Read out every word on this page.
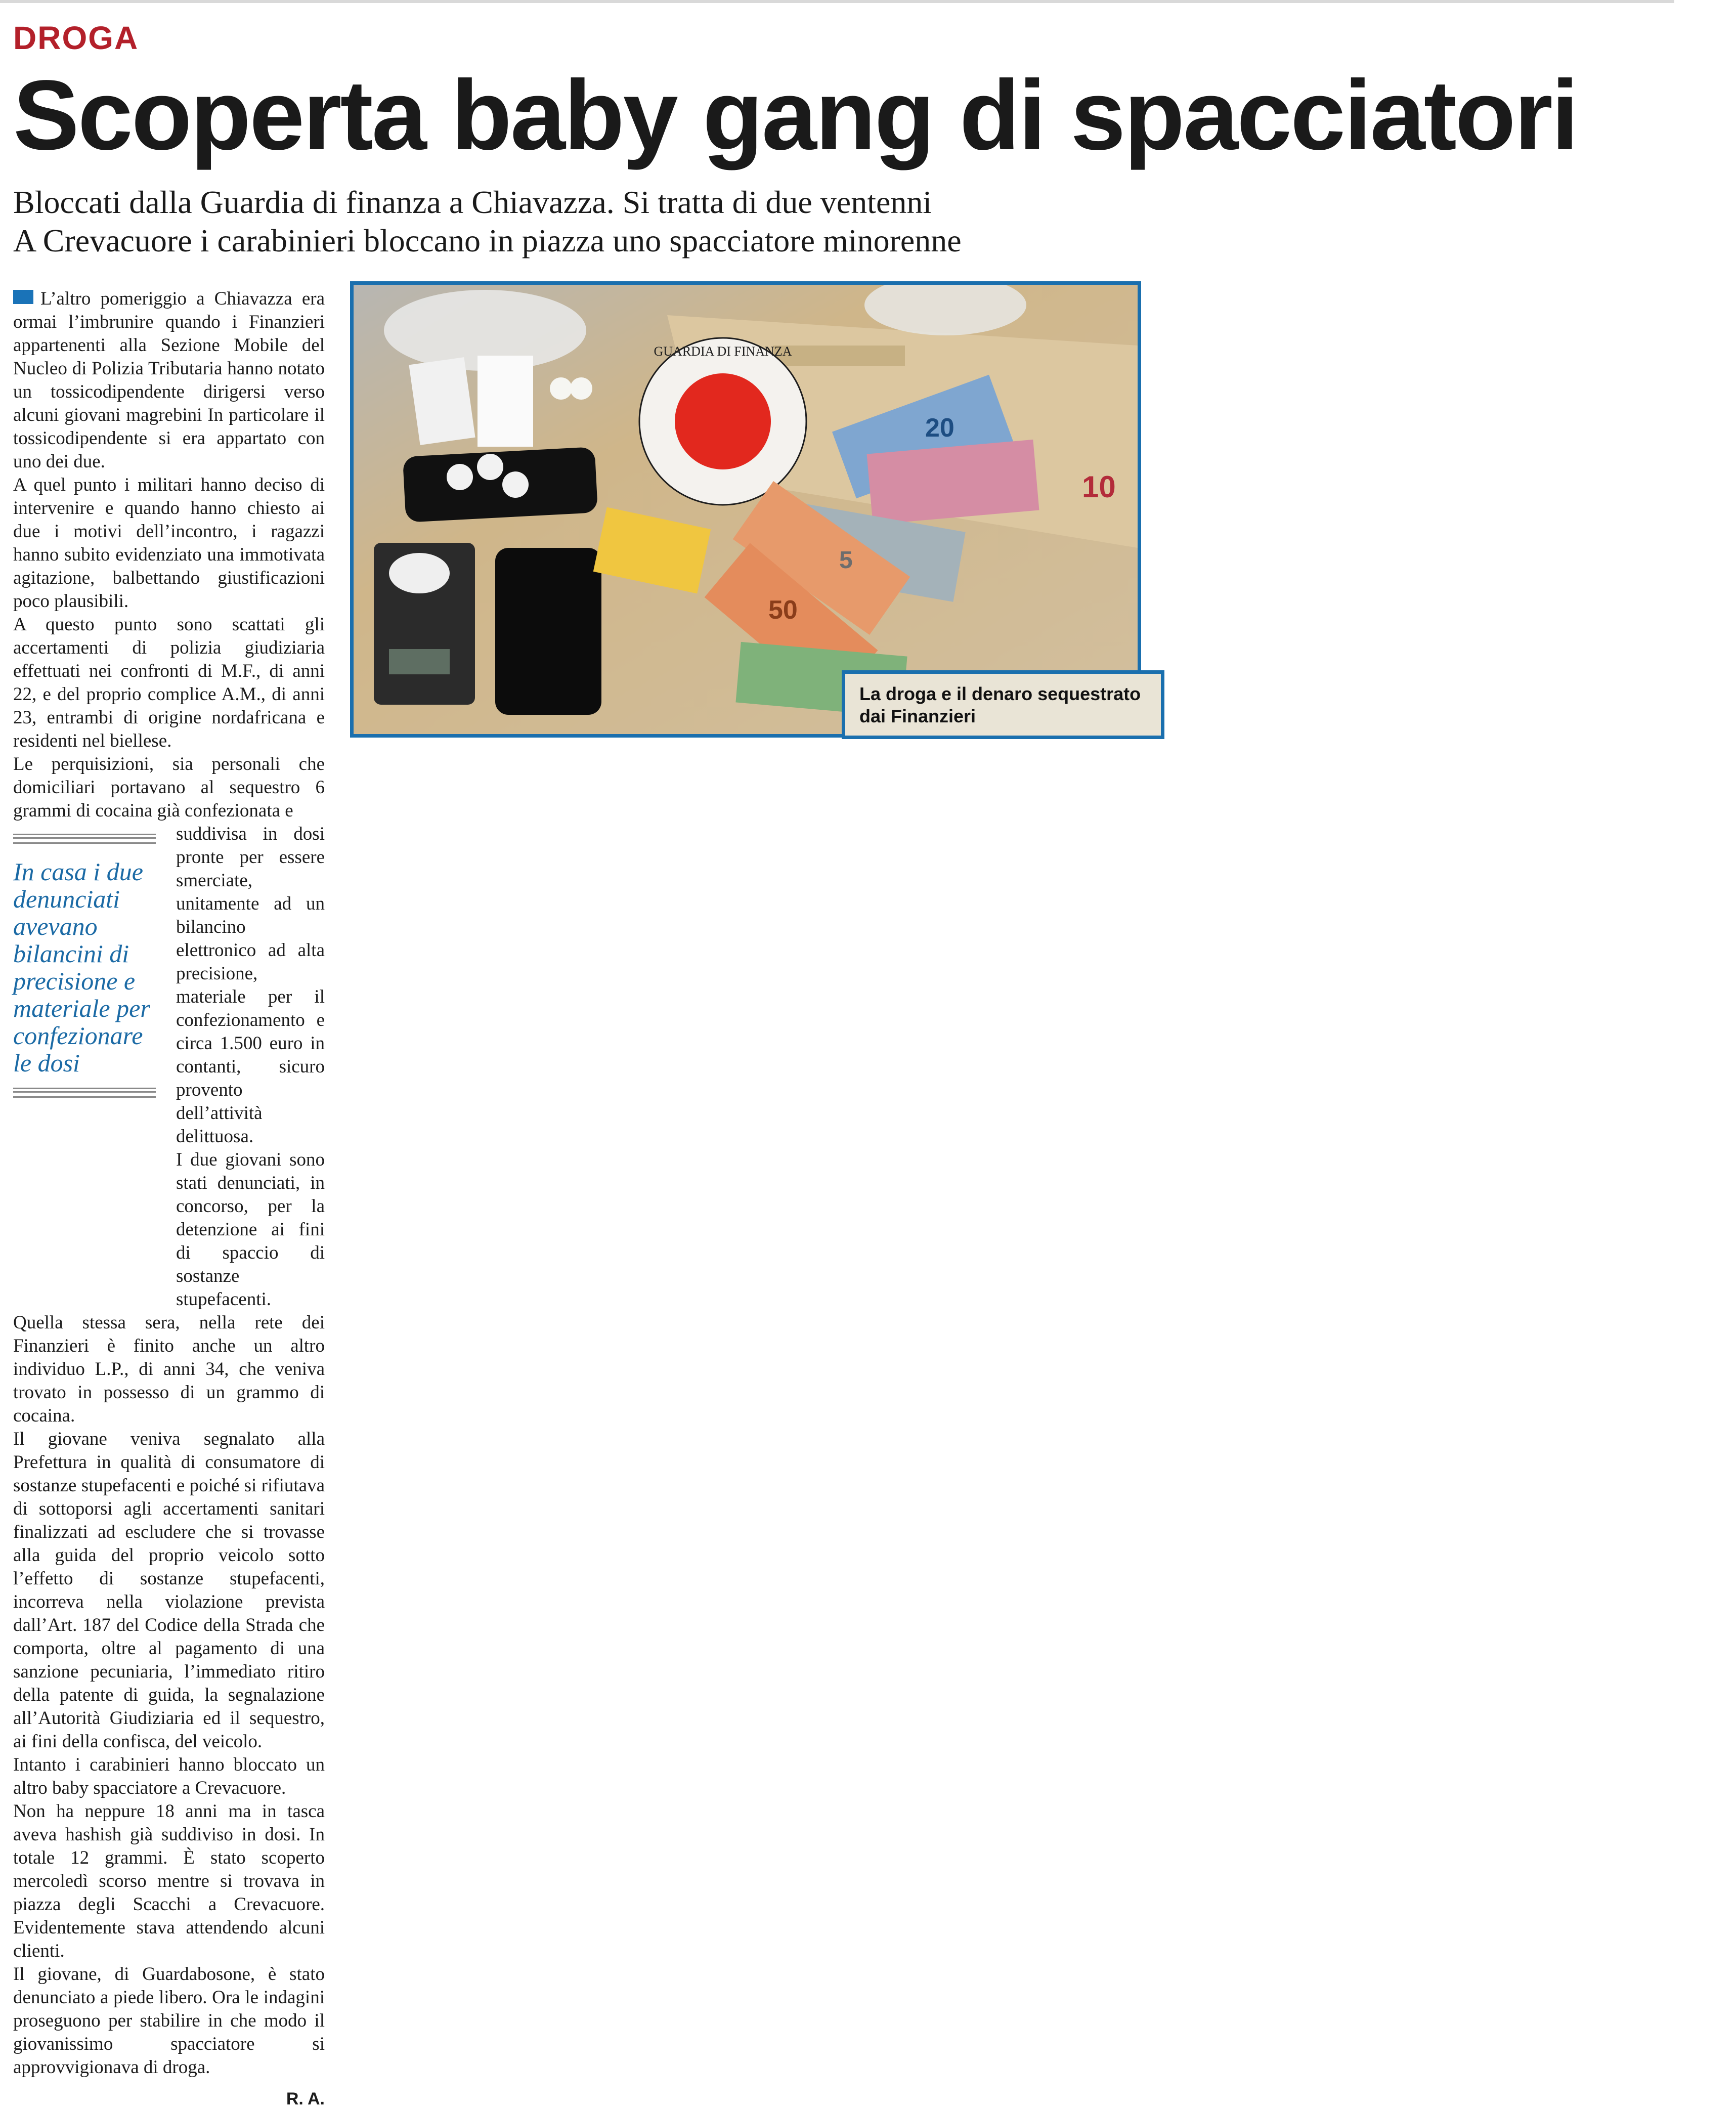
DROGA
Scoperta baby gang di spacciatori
Bloccati dalla Guardia di finanza a Chiavazza. Si tratta di due ventenni
A Crevacuore i carabinieri bloccano in piazza uno spacciatore minorenne

L’altro pomeriggio a Chiavazza era ormai l’imbrunire quando i Finanzieri appartenenti alla Sezione Mobile del Nucleo di Polizia Tributaria hanno notato un tossicodipendente dirigersi verso alcuni giovani magrebini In particolare il tossicodipendente si era appartato con uno dei due.

A quel punto i militari hanno deciso di intervenire e quando hanno chiesto ai due i motivi dell’incontro, i ragazzi hanno subito evidenziato una immotivata agitazione, balbettando giustificazioni poco plausibili.

A questo punto sono scattati gli accertamenti di polizia giudiziaria effettuati nei confronti di M.F., di anni 22, e del proprio complice A.M., di anni 23, entrambi di origine nordafricana e residenti nel biellese.

Le perquisizioni, sia personali che domiciliari portavano al sequestro 6 grammi di cocaina già confezionata e

suddivisa in dosi pronte per essere smerciate, unitamente ad un bilancino elettronico ad alta precisione, materiale per il confezionamento e circa 1.500 euro in contanti, sicuro provento dell’attività delittuosa.

I due giovani sono stati denunciati, in concorso, per la detenzione ai fini di spaccio di sostanze stupefacenti.

Quella stessa sera, nella rete dei Finanzieri è finito anche un altro individuo L.P., di anni 34, che veniva trovato in possesso di un grammo di cocaina.

Il giovane veniva segnalato alla Prefettura in qualità di consumatore di sostanze stupefacenti e poiché si rifiutava di sottoporsi agli accertamenti sanitari finalizzati ad escludere che si trovasse alla guida del proprio veicolo sotto l’effetto di sostanze stupefacenti, incorreva nella violazione prevista dall’Art. 187 del Codice della Strada che comporta, oltre al pagamento di una sanzione pecuniaria, l’immediato ritiro della patente di guida, la segnalazione all’Autorità Giudiziaria ed il sequestro, ai fini della confisca, del veicolo.

Intanto i carabinieri hanno bloccato un altro baby spacciatore a Crevacuore.

Non ha neppure 18 anni ma in tasca aveva hashish già suddiviso in dosi. In totale 12 grammi. È stato scoperto mercoledì scorso mentre si trovava in piazza degli Scacchi a Crevacuore. Evidentemente stava attendendo alcuni clienti.

Il giovane, di Guardabosone, è stato denunciato a piede libero. Ora le indagini proseguono per stabilire in che modo il giovanissimo spacciatore si approvvigionava di droga.

R. A.
In casa i due denunciati avevano bilancini di precisione e materiale per confezionare le dosi
GUARDIA DI FINANZA
10
5
50
20
La droga e il denaro sequestrato dai Finanzieri
